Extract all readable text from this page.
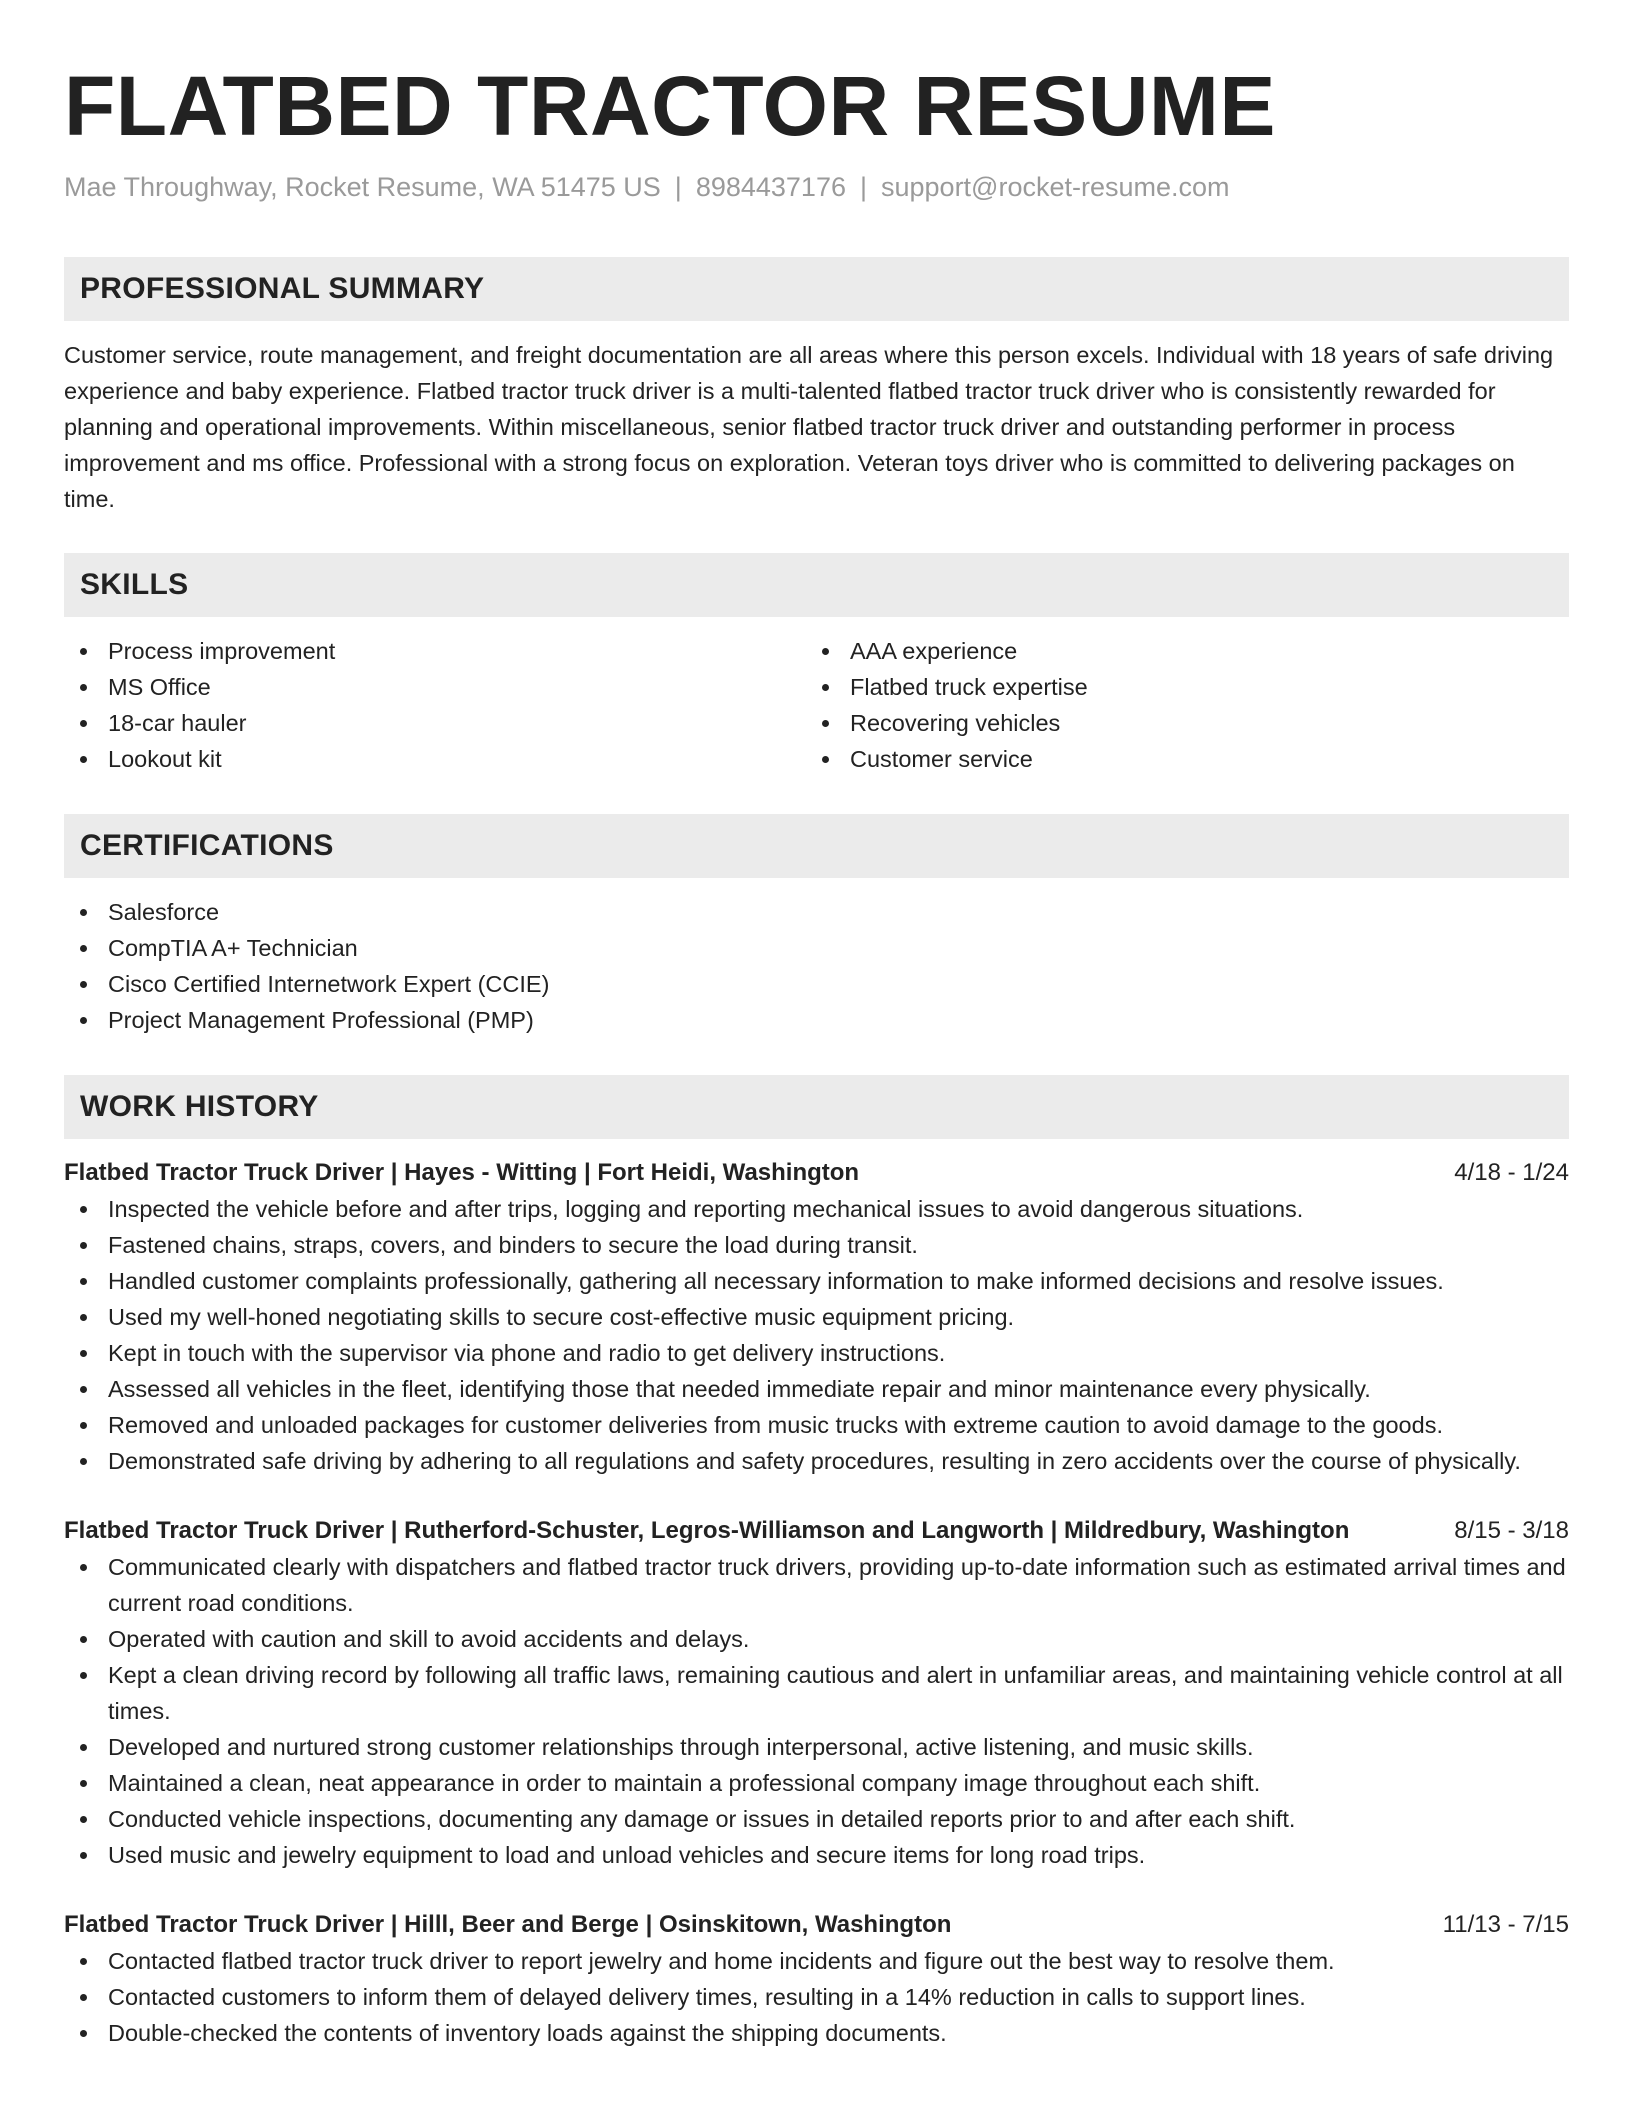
FLATBED TRACTOR RESUME
Mae Throughway, Rocket Resume, WA 51475 US | 8984437176 | support@rocket-resume.com
PROFESSIONAL SUMMARY

Customer service, route management, and freight documentation are all areas where this person excels. Individual with 18 years of safe driving experience and baby experience. Flatbed tractor truck driver is a multi-talented flatbed tractor truck driver who is consistently rewarded for planning and operational improvements. Within miscellaneous, senior flatbed tractor truck driver and outstanding performer in process improvement and ms office. Professional with a strong focus on exploration. Veteran toys driver who is committed to delivering packages on time.

SKILLS
Process improvement
MS Office
18-car hauler
Lookout kit
AAA experience
Flatbed truck expertise
Recovering vehicles
Customer service
CERTIFICATIONS
Salesforce
CompTIA A+ Technician
Cisco Certified Internetwork Expert (CCIE)
Project Management Professional (PMP)
WORK HISTORY
Flatbed Tractor Truck Driver | Hayes - Witting | Fort Heidi, Washington	4/18 - 1/24
Inspected the vehicle before and after trips, logging and reporting mechanical issues to avoid dangerous situations.
Fastened chains, straps, covers, and binders to secure the load during transit.
Handled customer complaints professionally, gathering all necessary information to make informed decisions and resolve issues.
Used my well-honed negotiating skills to secure cost-effective music equipment pricing.
Kept in touch with the supervisor via phone and radio to get delivery instructions.
Assessed all vehicles in the fleet, identifying those that needed immediate repair and minor maintenance every physically.
Removed and unloaded packages for customer deliveries from music trucks with extreme caution to avoid damage to the goods.
Demonstrated safe driving by adhering to all regulations and safety procedures, resulting in zero accidents over the course of physically.
Flatbed Tractor Truck Driver | Rutherford-Schuster, Legros-Williamson and Langworth | Mildredbury, Washington	8/15 - 3/18
Communicated clearly with dispatchers and flatbed tractor truck drivers, providing up-to-date information such as estimated arrival times and current road conditions.
Operated with caution and skill to avoid accidents and delays.
Kept a clean driving record by following all traffic laws, remaining cautious and alert in unfamiliar areas, and maintaining vehicle control at all times.
Developed and nurtured strong customer relationships through interpersonal, active listening, and music skills.
Maintained a clean, neat appearance in order to maintain a professional company image throughout each shift.
Conducted vehicle inspections, documenting any damage or issues in detailed reports prior to and after each shift.
Used music and jewelry equipment to load and unload vehicles and secure items for long road trips.
Flatbed Tractor Truck Driver | Hilll, Beer and Berge | Osinskitown, Washington	11/13 - 7/15
Contacted flatbed tractor truck driver to report jewelry and home incidents and figure out the best way to resolve them.
Contacted customers to inform them of delayed delivery times, resulting in a 14% reduction in calls to support lines.
Double-checked the contents of inventory loads against the shipping documents.
